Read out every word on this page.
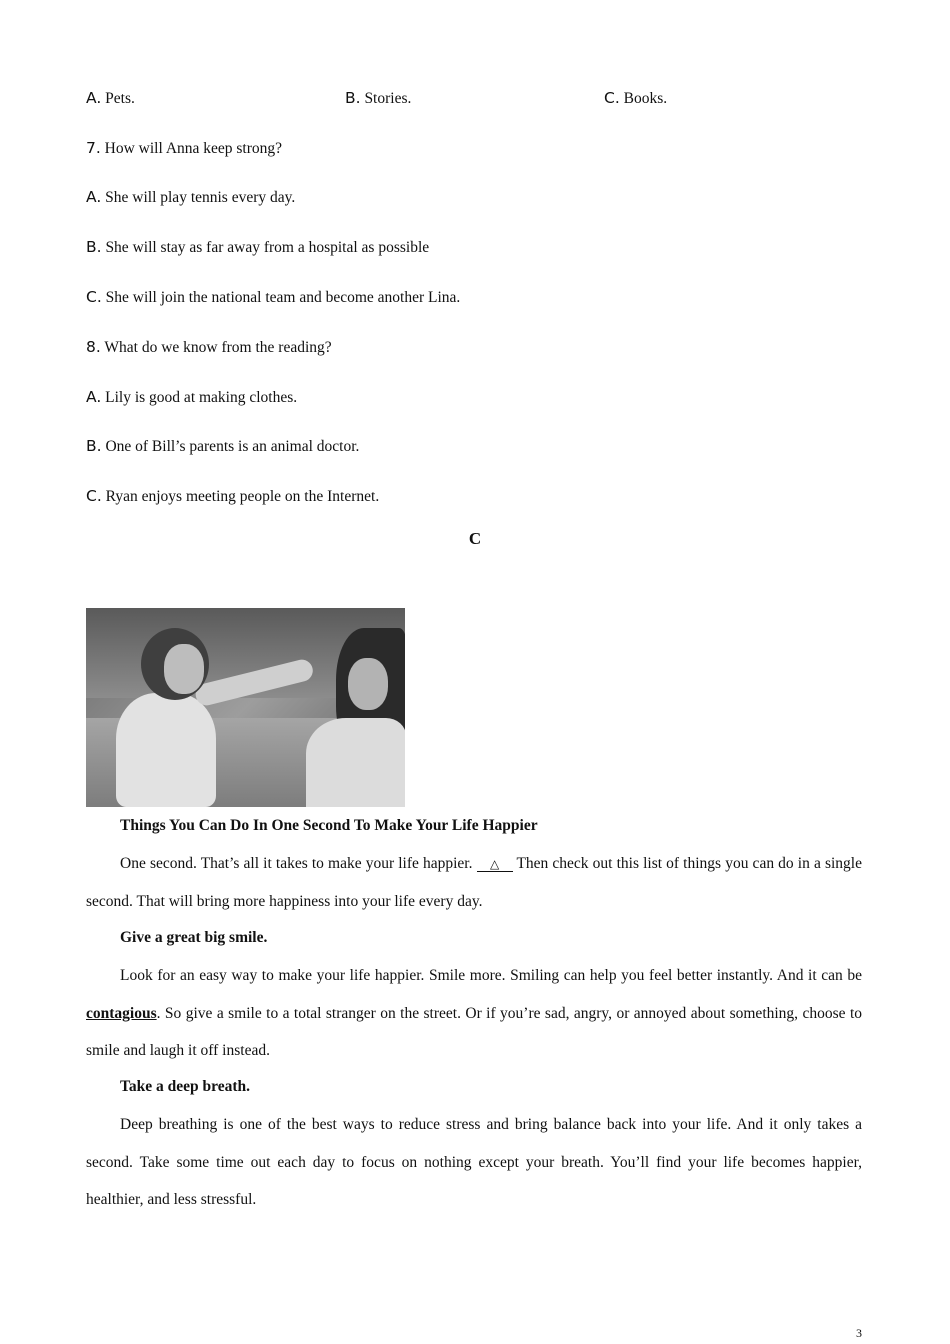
A. Pets.	B. Stories.	C. Books.
7. How will Anna keep strong?
A. She will play tennis every day.
B. She will stay as far away from a hospital as possible
C. She will join the national team and become another Lina.
8. What do we know from the reading?
A. Lily is good at making clothes.
B. One of Bill’s parents is an animal doctor.
C. Ryan enjoys meeting people on the Internet.
C
Things You Can Do In One Second To Make Your Life Happier

One second. That’s all it takes to make your life happier. △ Then check out this list of things you can do in a single second. That will bring more happiness into your life every day.

Give a great big smile.

Look for an easy way to make your life happier. Smile more. Smiling can help you feel better instantly. And it can be contagious. So give a smile to a total stranger on the street. Or if you’re sad, angry, or annoyed about something, choose to smile and laugh it off instead.

Take a deep breath.

Deep breathing is one of the best ways to reduce stress and bring balance back into your life. And it only takes a second. Take some time out each day to focus on nothing except your breath. You’ll find your life becomes happier, healthier, and less stressful.

3
